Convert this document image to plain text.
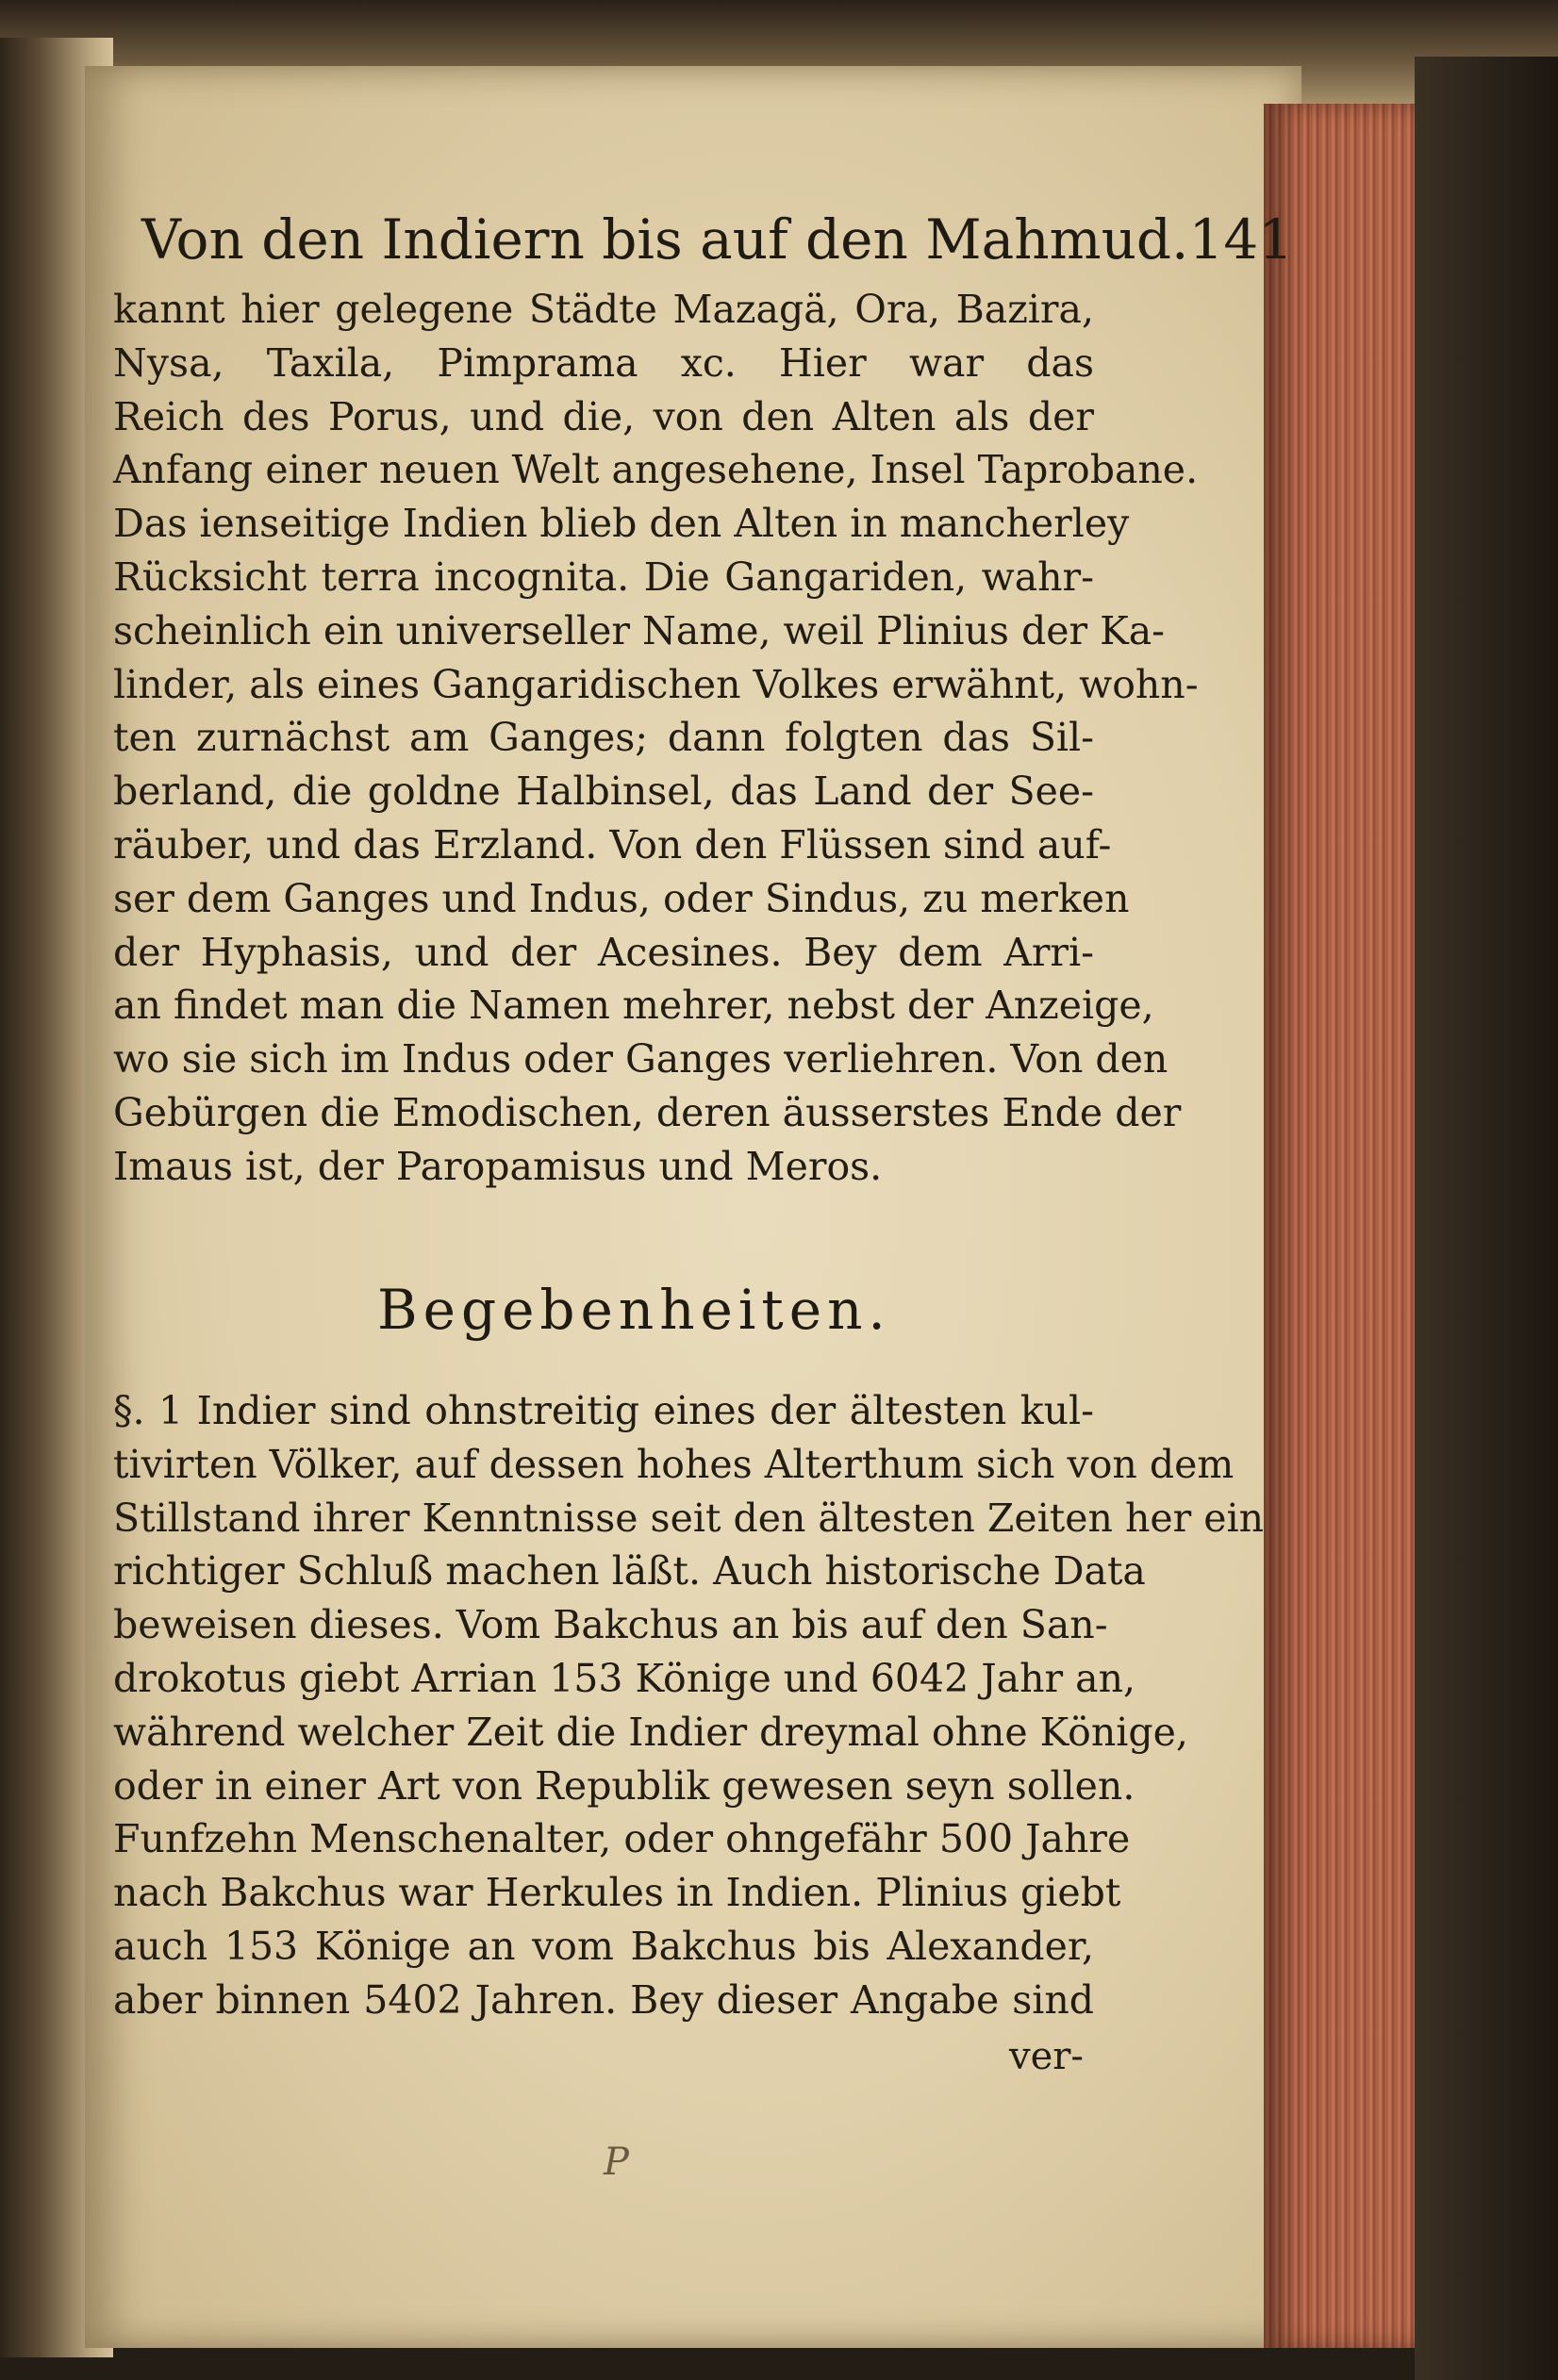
Von den Indiern bis auf den Mahmud. 141
kannt hier gelegene Städte Mazagä, Ora, Bazira,
Nysa, Taxila, Pimprama xc. Hier war das
Reich des Porus, und die, von den Alten als der
Anfang einer neuen Welt angesehene, Insel Taprobane.
Das ienseitige Indien blieb den Alten in mancherley
Rücksicht terra incognita. Die Gangariden, wahr-
scheinlich ein universeller Name, weil Plinius der Ka-
linder, als eines Gangaridischen Volkes erwähnt, wohn-
ten zurnächst am Ganges; dann folgten das Sil-
berland, die goldne Halbinsel, das Land der See-
räuber, und das Erzland. Von den Flüssen sind auf-
ser dem Ganges und Indus, oder Sindus, zu merken
der Hyphasis, und der Acesines. Bey dem Arri-
an findet man die Namen mehrer, nebst der Anzeige,
wo sie sich im Indus oder Ganges verliehren. Von den
Gebürgen die Emodischen, deren äusserstes Ende der
Imaus ist, der Paropamisus und Meros.
Begebenheiten.
§. 1 Indier sind ohnstreitig eines der ältesten kul-
tivirten Völker, auf dessen hohes Alterthum sich von dem
Stillstand ihrer Kenntnisse seit den ältesten Zeiten her ein
richtiger Schluß machen läßt. Auch historische Data
beweisen dieses. Vom Bakchus an bis auf den San-
drokotus giebt Arrian 153 Könige und 6042 Jahr an,
während welcher Zeit die Indier dreymal ohne Könige,
oder in einer Art von Republik gewesen seyn sollen.
Funfzehn Menschenalter, oder ohngefähr 500 Jahre
nach Bakchus war Herkules in Indien. Plinius giebt
auch 153 Könige an vom Bakchus bis Alexander,
aber binnen 5402 Jahren. Bey dieser Angabe sind
ver-
P
